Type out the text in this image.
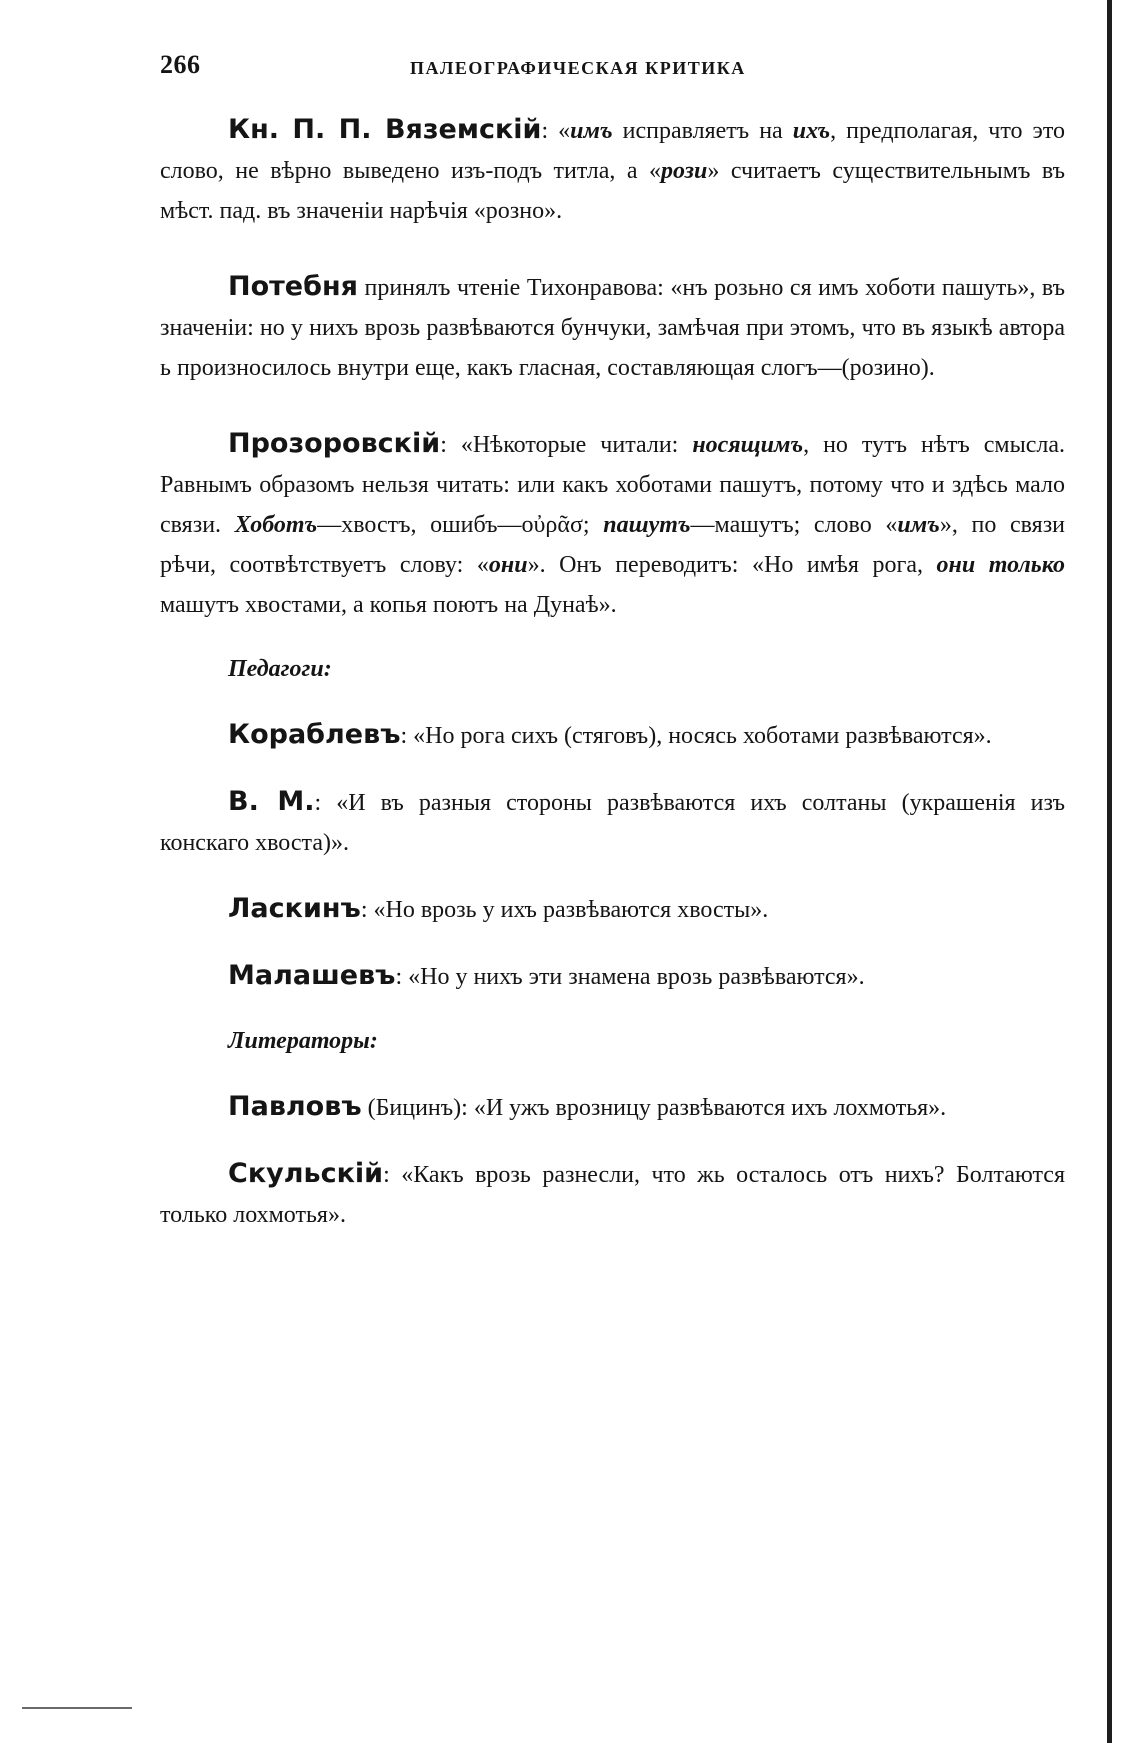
266	ПАЛЕОГРАФИЧЕСКАЯ КРИТИКА

Кн. П. П. Вяземскій: «имъ исправляетъ на ихъ, предполагая, что это слово, не вѣрно выведено изъ-подъ титла, а «рози» считаетъ существительнымъ въ мѣст. пад. въ значеніи нарѣчія «розно».

Потебня принялъ чтеніе Тихонравова: «нъ розьно ся имъ хоботи пашуть», въ значеніи: но у нихъ врозь развѣваются бунчуки, замѣчая при этомъ, что въ языкѣ автора ь произносилось внутри еще, какъ гласная, составляющая слогъ—(розино).

Прозоровскій: «Нѣкоторые читали: носящимъ, но тутъ нѣтъ смысла. Равнымъ образомъ нельзя читать: или какъ хоботами пашутъ, потому что и здѣсь мало связи. Хоботъ—хвостъ, ошибъ—οὐρᾶσ; пашутъ—машутъ; слово «имъ», по связи рѣчи, соотвѣтствуетъ слову: «они». Онъ переводитъ: «Но имѣя рога, они только машутъ хвостами, а копья поютъ на Дунаѣ».

Педагоги:

Кораблевъ: «Но рога сихъ (стяговъ), носясь хоботами развѣваются».

В. М.: «И въ разныя стороны развѣваются ихъ солтаны (украшенія изъ конскаго хвоста)».

Ласкинъ: «Но врозь у ихъ развѣваются хвосты».

Малашевъ: «Но у нихъ эти знамена врозь развѣваются».

Литераторы:

Павловъ (Бицинъ): «И ужъ врозницу развѣваются ихъ лохмотья».

Скульскій: «Какъ врозь разнесли, что жь осталось отъ нихъ? Болтаются только лохмотья».
